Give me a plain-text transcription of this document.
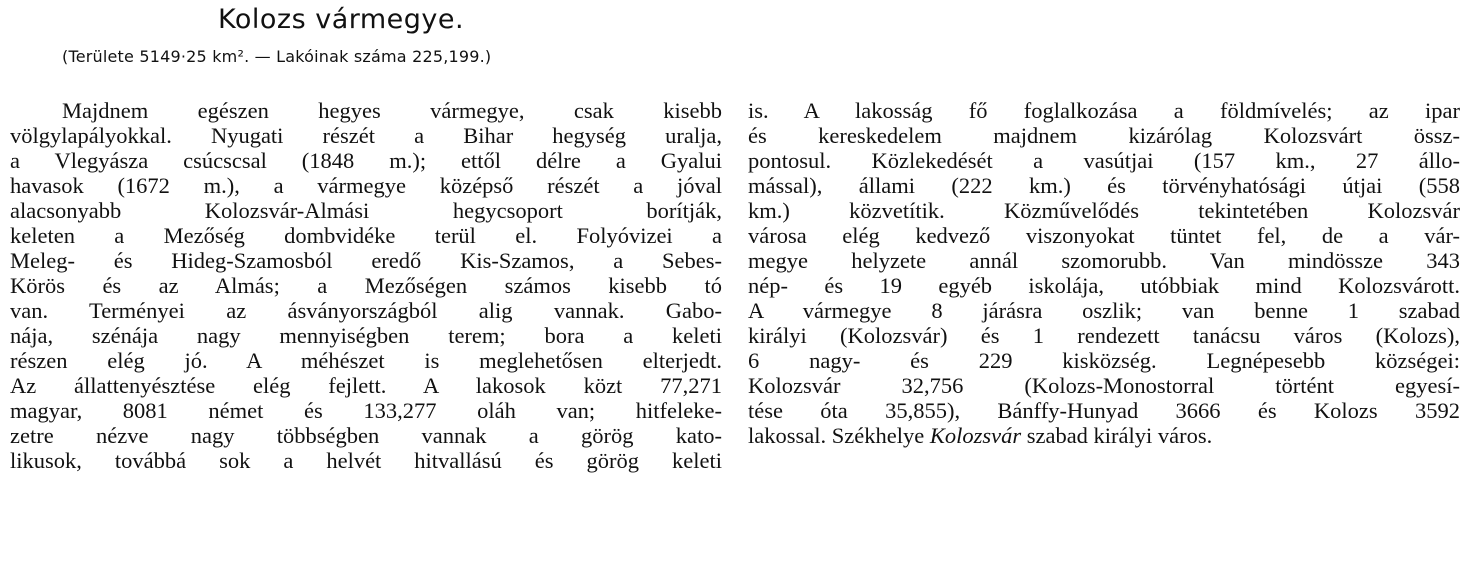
Kolozs vármegye.

(Területe 5149·25 km². — Lakóinak száma 225,199.)

Majdnem egészen hegyes vármegye, csak kisebb
völgylapályokkal. Nyugati részét a Bihar hegység uralja,
a Vlegyásza csúcscsal (1848 m.); ettől délre a Gyalui
havasok (1672 m.), a vármegye középső részét a jóval
alacsonyabb Kolozsvár-Almási hegycsoport borítják,
keleten a Mezőség dombvidéke terül el. Folyóvizei a
Meleg- és Hideg-Szamosból eredő Kis-Szamos, a Sebes-
Körös és az Almás; a Mezőségen számos kisebb tó
van. Terményei az ásványországból alig vannak. Gabo-
nája, szénája nagy mennyiségben terem; bora a keleti
részen elég jó. A méhészet is meglehetősen elterjedt.
Az állattenyésztése elég fejlett. A lakosok közt 77,271
magyar, 8081 német és 133,277 oláh van; hitfeleke-
zetre nézve nagy többségben vannak a görög kato-
likusok, továbbá sok a helvét hitvallású és görög keleti
is. A lakosság fő foglalkozása a földmívelés; az ipar
és kereskedelem majdnem kizárólag Kolozsvárt össz-
pontosul. Közlekedését a vasútjai (157 km., 27 állo-
mással), állami (222 km.) és törvényhatósági útjai (558
km.) közvetítik. Közművelődés tekintetében Kolozsvár
városa elég kedvező viszonyokat tüntet fel, de a vár-
megye helyzete annál szomorubb. Van mindössze 343
nép- és 19 egyéb iskolája, utóbbiak mind Kolozsvárott.
A vármegye 8 járásra oszlik; van benne 1 szabad
királyi (Kolozsvár) és 1 rendezett tanácsu város (Kolozs),
6 nagy- és 229 kisközség. Legnépesebb községei:
Kolozsvár 32,756 (Kolozs-Monostorral történt egyesí-
tése óta 35,855), Bánffy-Hunyad 3666 és Kolozs 3592
lakossal. Székhelye Kolozsvár szabad királyi város.
